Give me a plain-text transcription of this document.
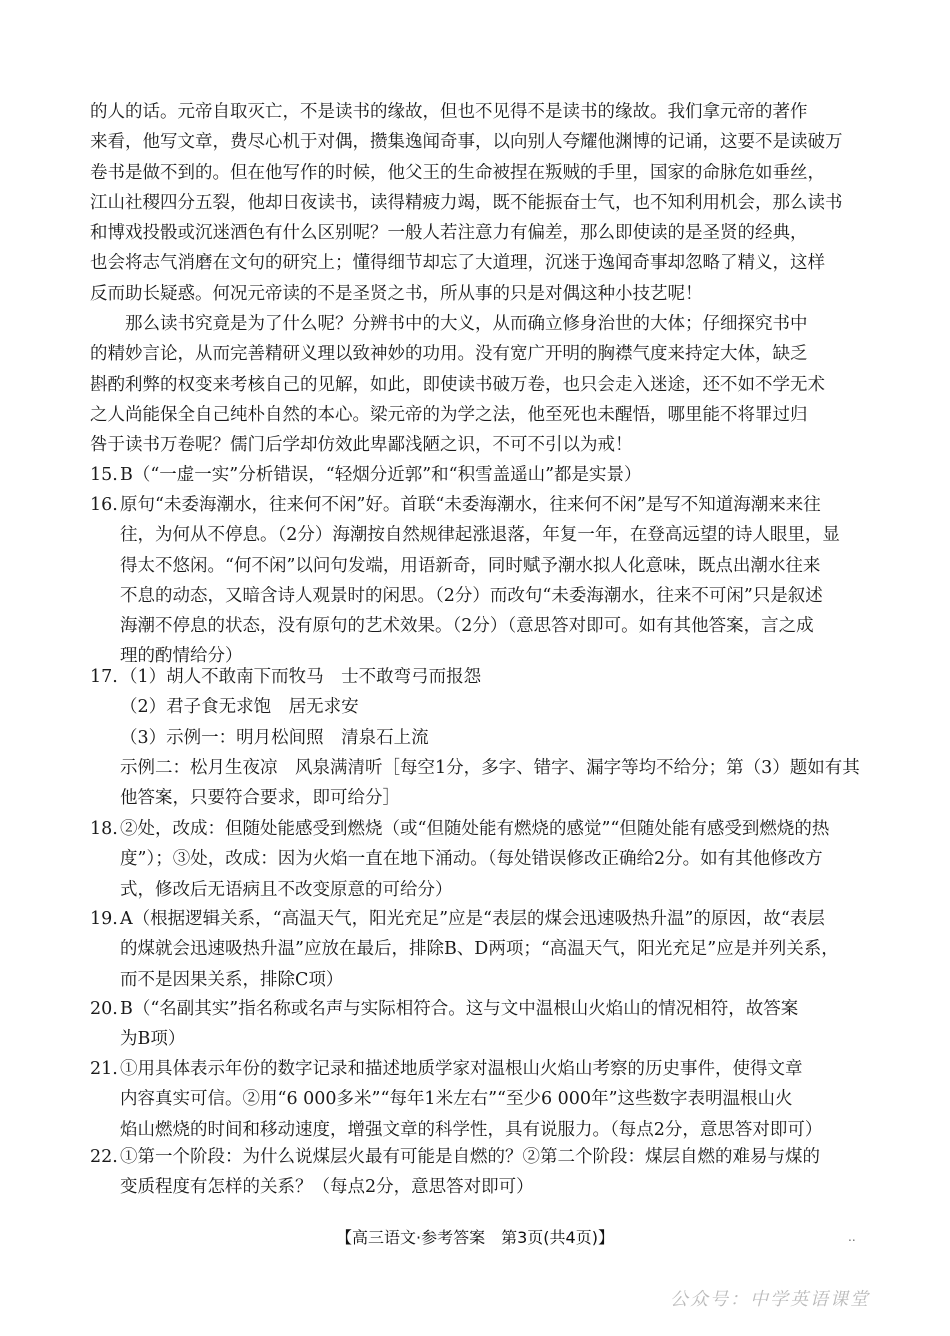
的人的话。元帝自取灭亡，不是读书的缘故，但也不见得不是读书的缘故。我们拿元帝的著作
来看，他写文章，费尽心机于对偶，攒集逸闻奇事，以向别人夸耀他渊博的记诵，这要不是读破万
卷书是做不到的。但在他写作的时候，他父王的生命被捏在叛贼的手里，国家的命脉危如垂丝，
江山社稷四分五裂，他却日夜读书，读得精疲力竭，既不能振奋士气，也不知利用机会，那么读书
和博戏投骰或沉迷酒色有什么区别呢？一般人若注意力有偏差，那么即使读的是圣贤的经典，
也会将志气消磨在文句的研究上；懂得细节却忘了大道理，沉迷于逸闻奇事却忽略了精义，这样
反而助长疑惑。何况元帝读的不是圣贤之书，所从事的只是对偶这种小技艺呢！
那么读书究竟是为了什么呢？分辨书中的大义，从而确立修身治世的大体；仔细探究书中
的精妙言论，从而完善精研义理以致神妙的功用。没有宽广开明的胸襟气度来持定大体，缺乏
斟酌利弊的权变来考核自己的见解，如此，即使读书破万卷，也只会走入迷途，还不如不学无术
之人尚能保全自己纯朴自然的本心。梁元帝的为学之法，他至死也未醒悟，哪里能不将罪过归
咎于读书万卷呢？儒门后学却仿效此卑鄙浅陋之识，不可不引以为戒！
15. B（“一虚一实”分析错误，“轻烟分近郭”和“积雪盖遥山”都是实景）
16. 原句“未委海潮水，往来何不闲”好。首联“未委海潮水，往来何不闲”是写不知道海潮来来往
往，为何从不停息。（2分）海潮按自然规律起涨退落，年复一年，在登高远望的诗人眼里，显
得太不悠闲。“何不闲”以问句发端，用语新奇，同时赋予潮水拟人化意味，既点出潮水往来
不息的动态，又暗含诗人观景时的闲思。（2分）而改句“未委海潮水，往来不可闲”只是叙述
海潮不停息的状态，没有原句的艺术效果。（2分）（意思答对即可。如有其他答案，言之成
理的酌情给分）
17. （1）胡人不敢南下而牧马　士不敢弯弓而报怨
（2）君子食无求饱　居无求安
（3）示例一：明月松间照　清泉石上流
示例二：松月生夜凉　风泉满清听［每空1分，多字、错字、漏字等均不给分；第（3）题如有其
他答案，只要符合要求，即可给分］
18. ②处，改成：但随处能感受到燃烧（或“但随处能有燃烧的感觉”“但随处能有感受到燃烧的热
度”）；③处，改成：因为火焰一直在地下涌动。（每处错误修改正确给2分。如有其他修改方
式，修改后无语病且不改变原意的可给分）
19. A（根据逻辑关系，“高温天气，阳光充足”应是“表层的煤会迅速吸热升温”的原因，故“表层
的煤就会迅速吸热升温”应放在最后，排除B、D两项；“高温天气，阳光充足”应是并列关系，
而不是因果关系，排除C项）
20. B（“名副其实”指名称或名声与实际相符合。这与文中温根山火焰山的情况相符，故答案
为B项）
21. ①用具体表示年份的数字记录和描述地质学家对温根山火焰山考察的历史事件，使得文章
内容真实可信。②用“6 000多米”“每年1米左右”“至少6 000年”这些数字表明温根山火
焰山燃烧的时间和移动速度，增强文章的科学性，具有说服力。（每点2分，意思答对即可）
22. ①第一个阶段：为什么说煤层火最有可能是自燃的？②第二个阶段：煤层自燃的难易与煤的
变质程度有怎样的关系？（每点2分，意思答对即可）
【高三语文·参考答案　第3页(共4页)】	..
公众号：中学英语课堂
